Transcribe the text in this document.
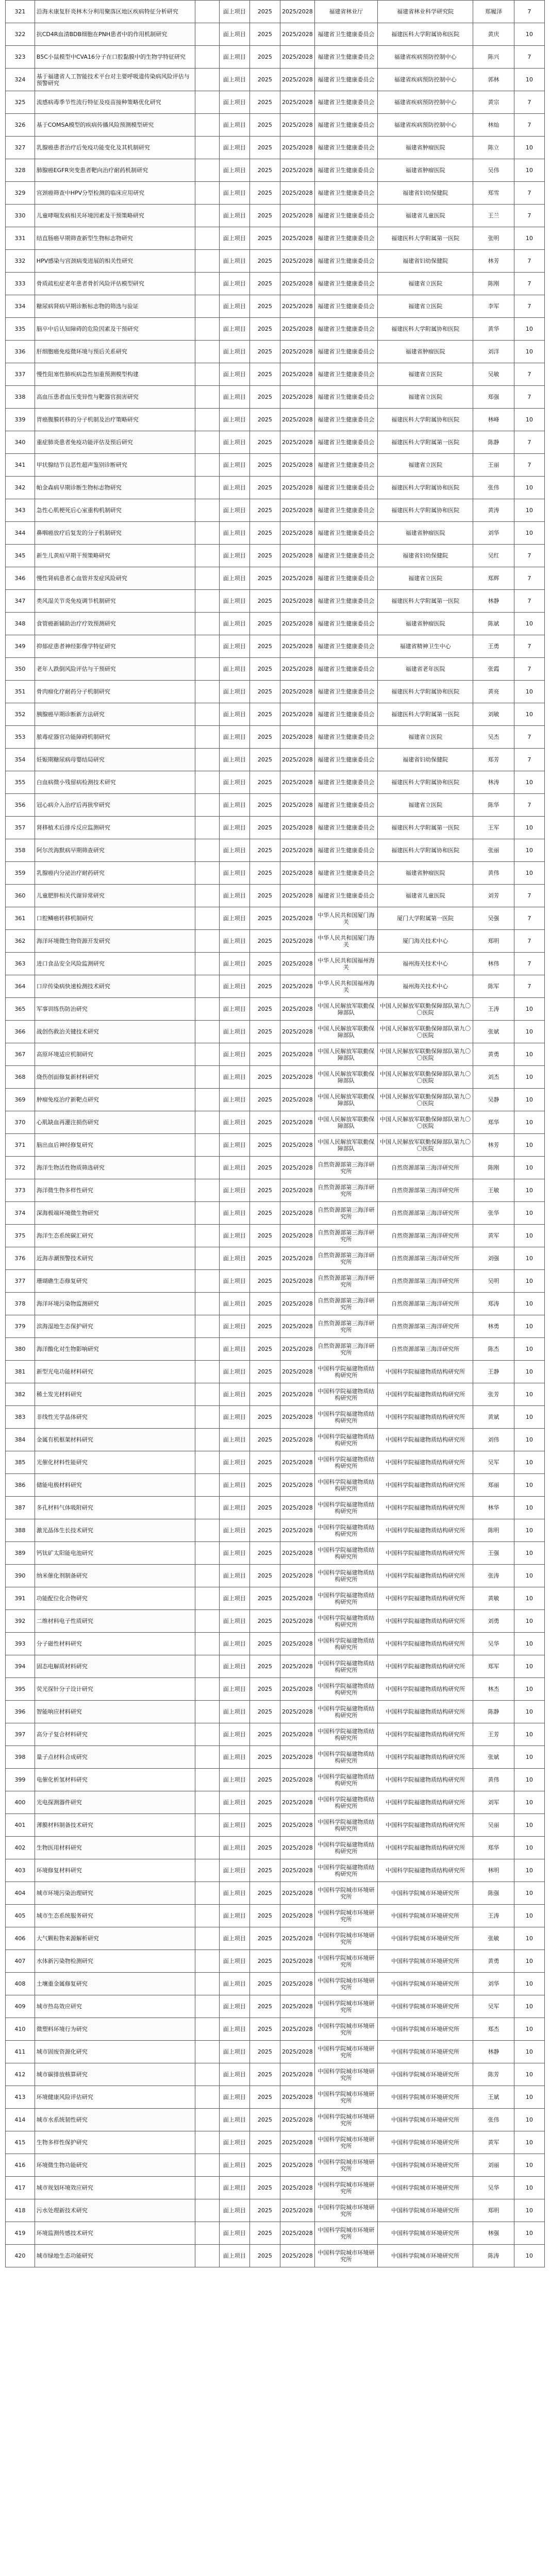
321	沿海未康复肝炎林木分利用聚落区地区疾病特征分析研究		面上项目	2025	2025/2028	福建省林业厅	福建省林业科学研究院	郑履泽	7
322	抗CD4R血清BDB细胞在PNH患者中的作用机制研究		面上项目	2025	2025/2028	福建省卫生健康委员会	福建医科大学附属协和医院	黄庆	10
323	B5C小鼠模型中CVA16分子在口腔黏膜中的生物学特征研究		面上项目	2025	2025/2028	福建省卫生健康委员会	福建省疾病预防控制中心	陈兴	7
324	基于福建省人工智能技术平台对主要呼吸道传染病风险评估与预警研究		面上项目	2025	2025/2028	福建省卫生健康委员会	福建省疾病预防控制中心	郭林	10
325	流感病毒季节性流行特征及疫苗接种策略优化研究		面上项目	2025	2025/2028	福建省卫生健康委员会	福建省疾病预防控制中心	黄宗	7
326	基于COMSA模型的疾病传播风险预测模型研究		面上项目	2025	2025/2028	福建省卫生健康委员会	福建省疾病预防控制中心	林灿	7
327	乳腺癌患者治疗后免疫功能变化及其机制研究		面上项目	2025	2025/2028	福建省卫生健康委员会	福建省肿瘤医院	陈立	10
328	肺腺癌EGFR突变患者靶向治疗耐药机制研究		面上项目	2025	2025/2028	福建省卫生健康委员会	福建省肿瘤医院	吴伟	10
329	宫颈癌筛查中HPV分型检测的临床应用研究		面上项目	2025	2025/2028	福建省卫生健康委员会	福建省妇幼保健院	郑雪	7
330	儿童哮喘发病相关环境因素及干预策略研究		面上项目	2025	2025/2028	福建省卫生健康委员会	福建省儿童医院	王兰	7
331	结直肠癌早期筛查新型生物标志物研究		面上项目	2025	2025/2028	福建省卫生健康委员会	福建医科大学附属第一医院	张明	10
332	HPV感染与宫颈病变进展的相关性研究		面上项目	2025	2025/2028	福建省卫生健康委员会	福建省妇幼保健院	林芳	7
333	骨质疏松症老年患者骨折风险评估模型研究		面上项目	2025	2025/2028	福建省卫生健康委员会	福建省立医院	陈刚	7
334	糖尿病肾病早期诊断标志物的筛选与验证		面上项目	2025	2025/2028	福建省卫生健康委员会	福建省立医院	李军	7
335	脑卒中后认知障碍的危险因素及干预研究		面上项目	2025	2025/2028	福建省卫生健康委员会	福建医科大学附属协和医院	黄华	10
336	肝细胞癌免疫微环境与预后关系研究		面上项目	2025	2025/2028	福建省卫生健康委员会	福建省肿瘤医院	刘洋	10
337	慢性阻塞性肺疾病急性加重预测模型构建		面上项目	2025	2025/2028	福建省卫生健康委员会	福建省立医院	吴敏	7
338	高血压患者血压变异性与靶器官损害研究		面上项目	2025	2025/2028	福建省卫生健康委员会	福建省立医院	郑强	7
339	胃癌腹膜转移的分子机制及治疗策略研究		面上项目	2025	2025/2028	福建省卫生健康委员会	福建医科大学附属协和医院	林峰	10
340	重症肺炎患者免疫功能评估及预后研究		面上项目	2025	2025/2028	福建省卫生健康委员会	福建医科大学附属第一医院	陈静	7
341	甲状腺结节良恶性超声鉴别诊断研究		面上项目	2025	2025/2028	福建省卫生健康委员会	福建省立医院	王丽	7
342	帕金森病早期诊断生物标志物研究		面上项目	2025	2025/2028	福建省卫生健康委员会	福建医科大学附属协和医院	张伟	10
343	急性心肌梗死后心室重构机制研究		面上项目	2025	2025/2028	福建省卫生健康委员会	福建医科大学附属协和医院	黄涛	10
344	鼻咽癌放疗后复发的分子机制研究		面上项目	2025	2025/2028	福建省卫生健康委员会	福建省肿瘤医院	刘华	10
345	新生儿黄疸早期干预策略研究		面上项目	2025	2025/2028	福建省卫生健康委员会	福建省妇幼保健院	吴红	7
346	慢性肾病患者心血管并发症风险研究		面上项目	2025	2025/2028	福建省卫生健康委员会	福建省立医院	郑辉	7
347	类风湿关节炎免疫调节机制研究		面上项目	2025	2025/2028	福建省卫生健康委员会	福建医科大学附属第一医院	林静	7
348	食管癌新辅助治疗疗效预测研究		面上项目	2025	2025/2028	福建省卫生健康委员会	福建省肿瘤医院	陈斌	10
349	抑郁症患者神经影像学特征研究		面上项目	2025	2025/2028	福建省卫生健康委员会	福建省精神卫生中心	王勇	7
350	老年人跌倒风险评估与干预研究		面上项目	2025	2025/2028	福建省卫生健康委员会	福建省老年医院	张霞	7
351	骨肉瘤化疗耐药分子机制研究		面上项目	2025	2025/2028	福建省卫生健康委员会	福建医科大学附属协和医院	黄亮	10
352	胰腺癌早期诊断新方法研究		面上项目	2025	2025/2028	福建省卫生健康委员会	福建医科大学附属第一医院	刘敏	10
353	脓毒症器官功能障碍机制研究		面上项目	2025	2025/2028	福建省卫生健康委员会	福建省立医院	吴杰	7
354	妊娠期糖尿病母婴结局研究		面上项目	2025	2025/2028	福建省卫生健康委员会	福建省妇幼保健院	郑芳	7
355	白血病微小残留病检测技术研究		面上项目	2025	2025/2028	福建省卫生健康委员会	福建医科大学附属协和医院	林涛	10
356	冠心病介入治疗后再狭窄研究		面上项目	2025	2025/2028	福建省卫生健康委员会	福建省立医院	陈华	7
357	肾移植术后排斥反应监测研究		面上项目	2025	2025/2028	福建省卫生健康委员会	福建医科大学附属第一医院	王军	10
358	阿尔茨海默病早期筛查研究		面上项目	2025	2025/2028	福建省卫生健康委员会	福建医科大学附属协和医院	张丽	10
359	乳腺癌内分泌治疗耐药研究		面上项目	2025	2025/2028	福建省卫生健康委员会	福建省肿瘤医院	黄伟	10
360	儿童肥胖相关代谢异常研究		面上项目	2025	2025/2028	福建省卫生健康委员会	福建省儿童医院	刘芳	7
361	口腔鳞癌转移机制研究		面上项目	2025	2025/2028	中华人民共和国厦门海关	厦门大学附属第一医院	吴强	7
362	海洋环境微生物资源开发研究		面上项目	2025	2025/2028	中华人民共和国厦门海关	厦门海关技术中心	郑明	7
363	进口食品安全风险监测研究		面上项目	2025	2025/2028	中华人民共和国福州海关	福州海关技术中心	林伟	7
364	口岸传染病快速检测技术研究		面上项目	2025	2025/2028	中华人民共和国福州海关	福州海关技术中心	陈军	7
365	军事训练伤防治研究		面上项目	2025	2025/2028	中国人民解放军联勤保障部队	中国人民解放军联勤保障部队第九〇〇医院	王涛	10
366	战创伤救治关键技术研究		面上项目	2025	2025/2028	中国人民解放军联勤保障部队	中国人民解放军联勤保障部队第九〇〇医院	张斌	10
367	高原环境适应机制研究		面上项目	2025	2025/2028	中国人民解放军联勤保障部队	中国人民解放军联勤保障部队第九〇〇医院	黄勇	10
368	烧伤创面修复新材料研究		面上项目	2025	2025/2028	中国人民解放军联勤保障部队	中国人民解放军联勤保障部队第九〇〇医院	刘杰	10
369	肿瘤免疫治疗新靶点研究		面上项目	2025	2025/2028	中国人民解放军联勤保障部队	中国人民解放军联勤保障部队第九〇〇医院	吴静	10
370	心肌缺血再灌注损伤研究		面上项目	2025	2025/2028	中国人民解放军联勤保障部队	中国人民解放军联勤保障部队第九〇〇医院	郑华	10
371	脑出血后神经修复研究		面上项目	2025	2025/2028	中国人民解放军联勤保障部队	中国人民解放军联勤保障部队第九〇〇医院	林芳	10
372	海洋生物活性物质筛选研究		面上项目	2025	2025/2028	自然资源部第三海洋研究所	自然资源部第三海洋研究所	陈刚	10
373	海洋微生物多样性研究		面上项目	2025	2025/2028	自然资源部第三海洋研究所	自然资源部第三海洋研究所	王敏	10
374	深海极端环境微生物研究		面上项目	2025	2025/2028	自然资源部第三海洋研究所	自然资源部第三海洋研究所	张华	10
375	海洋生态系统碳汇研究		面上项目	2025	2025/2028	自然资源部第三海洋研究所	自然资源部第三海洋研究所	黄军	10
376	近海赤潮预警技术研究		面上项目	2025	2025/2028	自然资源部第三海洋研究所	自然资源部第三海洋研究所	刘强	10
377	珊瑚礁生态修复研究		面上项目	2025	2025/2028	自然资源部第三海洋研究所	自然资源部第三海洋研究所	吴明	10
378	海洋环境污染物监测研究		面上项目	2025	2025/2028	自然资源部第三海洋研究所	自然资源部第三海洋研究所	郑涛	10
379	滨海湿地生态保护研究		面上项目	2025	2025/2028	自然资源部第三海洋研究所	自然资源部第三海洋研究所	林勇	10
380	海洋酸化对生物影响研究		面上项目	2025	2025/2028	自然资源部第三海洋研究所	自然资源部第三海洋研究所	陈杰	10
381	新型光电功能材料研究		面上项目	2025	2025/2028	中国科学院福建物质结构研究所	中国科学院福建物质结构研究所	王静	10
382	稀土发光材料研究		面上项目	2025	2025/2028	中国科学院福建物质结构研究所	中国科学院福建物质结构研究所	张芳	10
383	非线性光学晶体研究		面上项目	2025	2025/2028	中国科学院福建物质结构研究所	中国科学院福建物质结构研究所	黄斌	10
384	金属有机框架材料研究		面上项目	2025	2025/2028	中国科学院福建物质结构研究所	中国科学院福建物质结构研究所	刘伟	10
385	光催化材料性能研究		面上项目	2025	2025/2028	中国科学院福建物质结构研究所	中国科学院福建物质结构研究所	吴军	10
386	储能电极材料研究		面上项目	2025	2025/2028	中国科学院福建物质结构研究所	中国科学院福建物质结构研究所	郑丽	10
387	多孔材料气体吸附研究		面上项目	2025	2025/2028	中国科学院福建物质结构研究所	中国科学院福建物质结构研究所	林华	10
388	激光晶体生长技术研究		面上项目	2025	2025/2028	中国科学院福建物质结构研究所	中国科学院福建物质结构研究所	陈明	10
389	钙钛矿太阳能电池研究		面上项目	2025	2025/2028	中国科学院福建物质结构研究所	中国科学院福建物质结构研究所	王强	10
390	纳米催化剂制备研究		面上项目	2025	2025/2028	中国科学院福建物质结构研究所	中国科学院福建物质结构研究所	张涛	10
391	功能配位化合物研究		面上项目	2025	2025/2028	中国科学院福建物质结构研究所	中国科学院福建物质结构研究所	黄敏	10
392	二维材料电子性质研究		面上项目	2025	2025/2028	中国科学院福建物质结构研究所	中国科学院福建物质结构研究所	刘勇	10
393	分子磁性材料研究		面上项目	2025	2025/2028	中国科学院福建物质结构研究所	中国科学院福建物质结构研究所	吴华	10
394	固态电解质材料研究		面上项目	2025	2025/2028	中国科学院福建物质结构研究所	中国科学院福建物质结构研究所	郑军	10
395	荧光探针分子设计研究		面上项目	2025	2025/2028	中国科学院福建物质结构研究所	中国科学院福建物质结构研究所	林杰	10
396	智能响应材料研究		面上项目	2025	2025/2028	中国科学院福建物质结构研究所	中国科学院福建物质结构研究所	陈静	10
397	高分子复合材料研究		面上项目	2025	2025/2028	中国科学院福建物质结构研究所	中国科学院福建物质结构研究所	王芳	10
398	量子点材料合成研究		面上项目	2025	2025/2028	中国科学院福建物质结构研究所	中国科学院福建物质结构研究所	张斌	10
399	电催化析氢材料研究		面上项目	2025	2025/2028	中国科学院福建物质结构研究所	中国科学院福建物质结构研究所	黄伟	10
400	光电探测器件研究		面上项目	2025	2025/2028	中国科学院福建物质结构研究所	中国科学院福建物质结构研究所	刘军	10
401	薄膜材料制备技术研究		面上项目	2025	2025/2028	中国科学院福建物质结构研究所	中国科学院福建物质结构研究所	吴丽	10
402	生物医用材料研究		面上项目	2025	2025/2028	中国科学院福建物质结构研究所	中国科学院福建物质结构研究所	郑华	10
403	环境修复材料研究		面上项目	2025	2025/2028	中国科学院福建物质结构研究所	中国科学院福建物质结构研究所	林明	10
404	城市环境污染治理研究		面上项目	2025	2025/2028	中国科学院城市环境研究所	中国科学院城市环境研究所	陈强	10
405	城市生态系统服务研究		面上项目	2025	2025/2028	中国科学院城市环境研究所	中国科学院城市环境研究所	王涛	10
406	大气颗粒物来源解析研究		面上项目	2025	2025/2028	中国科学院城市环境研究所	中国科学院城市环境研究所	张敏	10
407	水体新污染物检测研究		面上项目	2025	2025/2028	中国科学院城市环境研究所	中国科学院城市环境研究所	黄勇	10
408	土壤重金属修复研究		面上项目	2025	2025/2028	中国科学院城市环境研究所	中国科学院城市环境研究所	刘华	10
409	城市热岛效应研究		面上项目	2025	2025/2028	中国科学院城市环境研究所	中国科学院城市环境研究所	吴军	10
410	微塑料环境行为研究		面上项目	2025	2025/2028	中国科学院城市环境研究所	中国科学院城市环境研究所	郑杰	10
411	城市固废资源化研究		面上项目	2025	2025/2028	中国科学院城市环境研究所	中国科学院城市环境研究所	林静	10
412	城市碳排放核算研究		面上项目	2025	2025/2028	中国科学院城市环境研究所	中国科学院城市环境研究所	陈芳	10
413	环境健康风险评估研究		面上项目	2025	2025/2028	中国科学院城市环境研究所	中国科学院城市环境研究所	王斌	10
414	城市水系统韧性研究		面上项目	2025	2025/2028	中国科学院城市环境研究所	中国科学院城市环境研究所	张伟	10
415	生物多样性保护研究		面上项目	2025	2025/2028	中国科学院城市环境研究所	中国科学院城市环境研究所	黄军	10
416	环境微生物功能研究		面上项目	2025	2025/2028	中国科学院城市环境研究所	中国科学院城市环境研究所	刘丽	10
417	城市规划环境效应研究		面上项目	2025	2025/2028	中国科学院城市环境研究所	中国科学院城市环境研究所	吴华	10
418	污水处理新技术研究		面上项目	2025	2025/2028	中国科学院城市环境研究所	中国科学院城市环境研究所	郑明	10
419	环境监测传感技术研究		面上项目	2025	2025/2028	中国科学院城市环境研究所	中国科学院城市环境研究所	林强	10
420	城市绿地生态功能研究		面上项目	2025	2025/2028	中国科学院城市环境研究所	中国科学院城市环境研究所	陈涛	10
